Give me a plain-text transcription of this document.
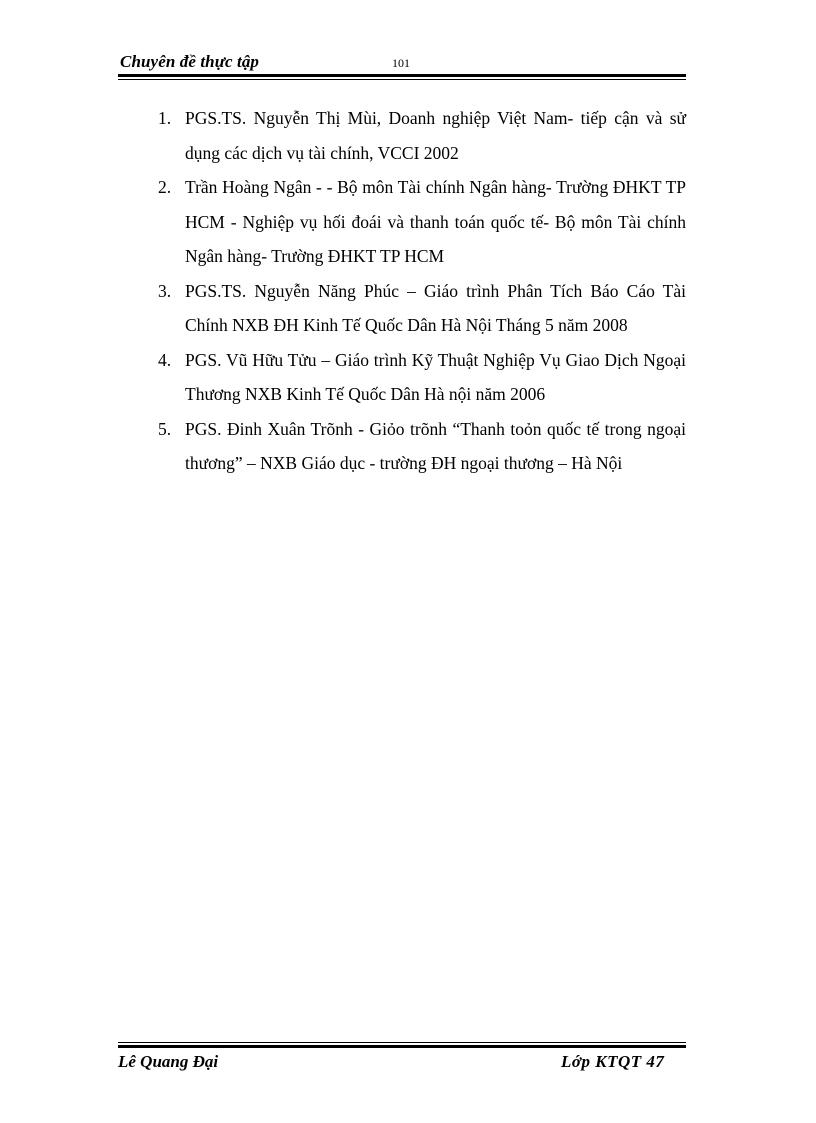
Chuyên đề thực tập	101
1. PGS.TS. Nguyễn Thị Mùi, Doanh nghiệp Việt Nam- tiếp cận và sử dụng các dịch vụ tài chính, VCCI 2002
2. Trần Hoàng Ngân - - Bộ môn Tài chính Ngân hàng- Trường ĐHKT TP HCM - Nghiệp vụ hối đoái và thanh toán quốc tế- Bộ môn Tài chính Ngân hàng- Trường ĐHKT TP HCM
3. PGS.TS. Nguyễn Năng Phúc – Giáo trình Phân Tích Báo Cáo Tài Chính NXB ĐH Kinh Tế Quốc Dân Hà Nội Tháng 5 năm 2008
4. PGS. Vũ Hữu Tửu – Giáo trình Kỹ Thuật Nghiệp Vụ Giao Dịch Ngoại Thương NXB Kinh Tế Quốc Dân Hà nội năm 2006
5. PGS. Đinh Xuân Trõnh - Giỏo trõnh “Thanh toỏn quốc tế trong ngoại thương” – NXB Giáo dục - trường ĐH ngoại thương – Hà Nội
Lê Quang Đại	Lớp KTQT 47
